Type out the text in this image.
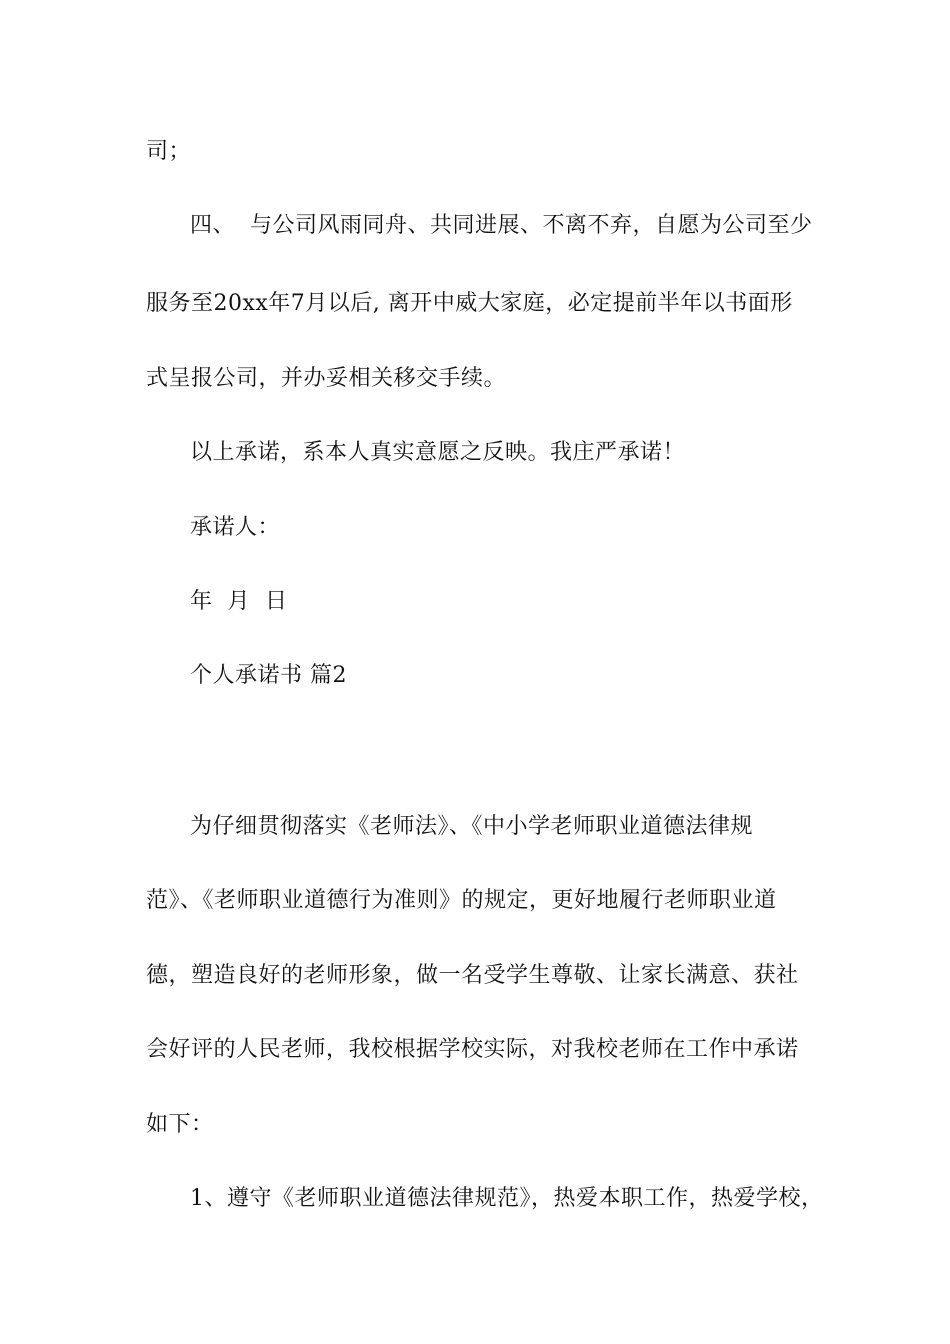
司；
四、  与公司风雨同舟、共同进展、不离不弃，自愿为公司至少
服务至20xx年7月以后, 离开中威大家庭，必定提前半年以书面形
式呈报公司，并办妥相关移交手续。
以上承诺，系本人真实意愿之反映。我庄严承诺！
承诺人：
年  月  日
个人承诺书 篇2
为仔细贯彻落实《老师法》、《中小学老师职业道德法律规
范》、《老师职业道德行为准则》的规定，更好地履行老师职业道
德，塑造良好的老师形象，做一名受学生尊敬、让家长满意、获社
会好评的人民老师，我校根据学校实际，对我校老师在工作中承诺
如下：
1、遵守《老师职业道德法律规范》，热爱本职工作，热爱学校，
